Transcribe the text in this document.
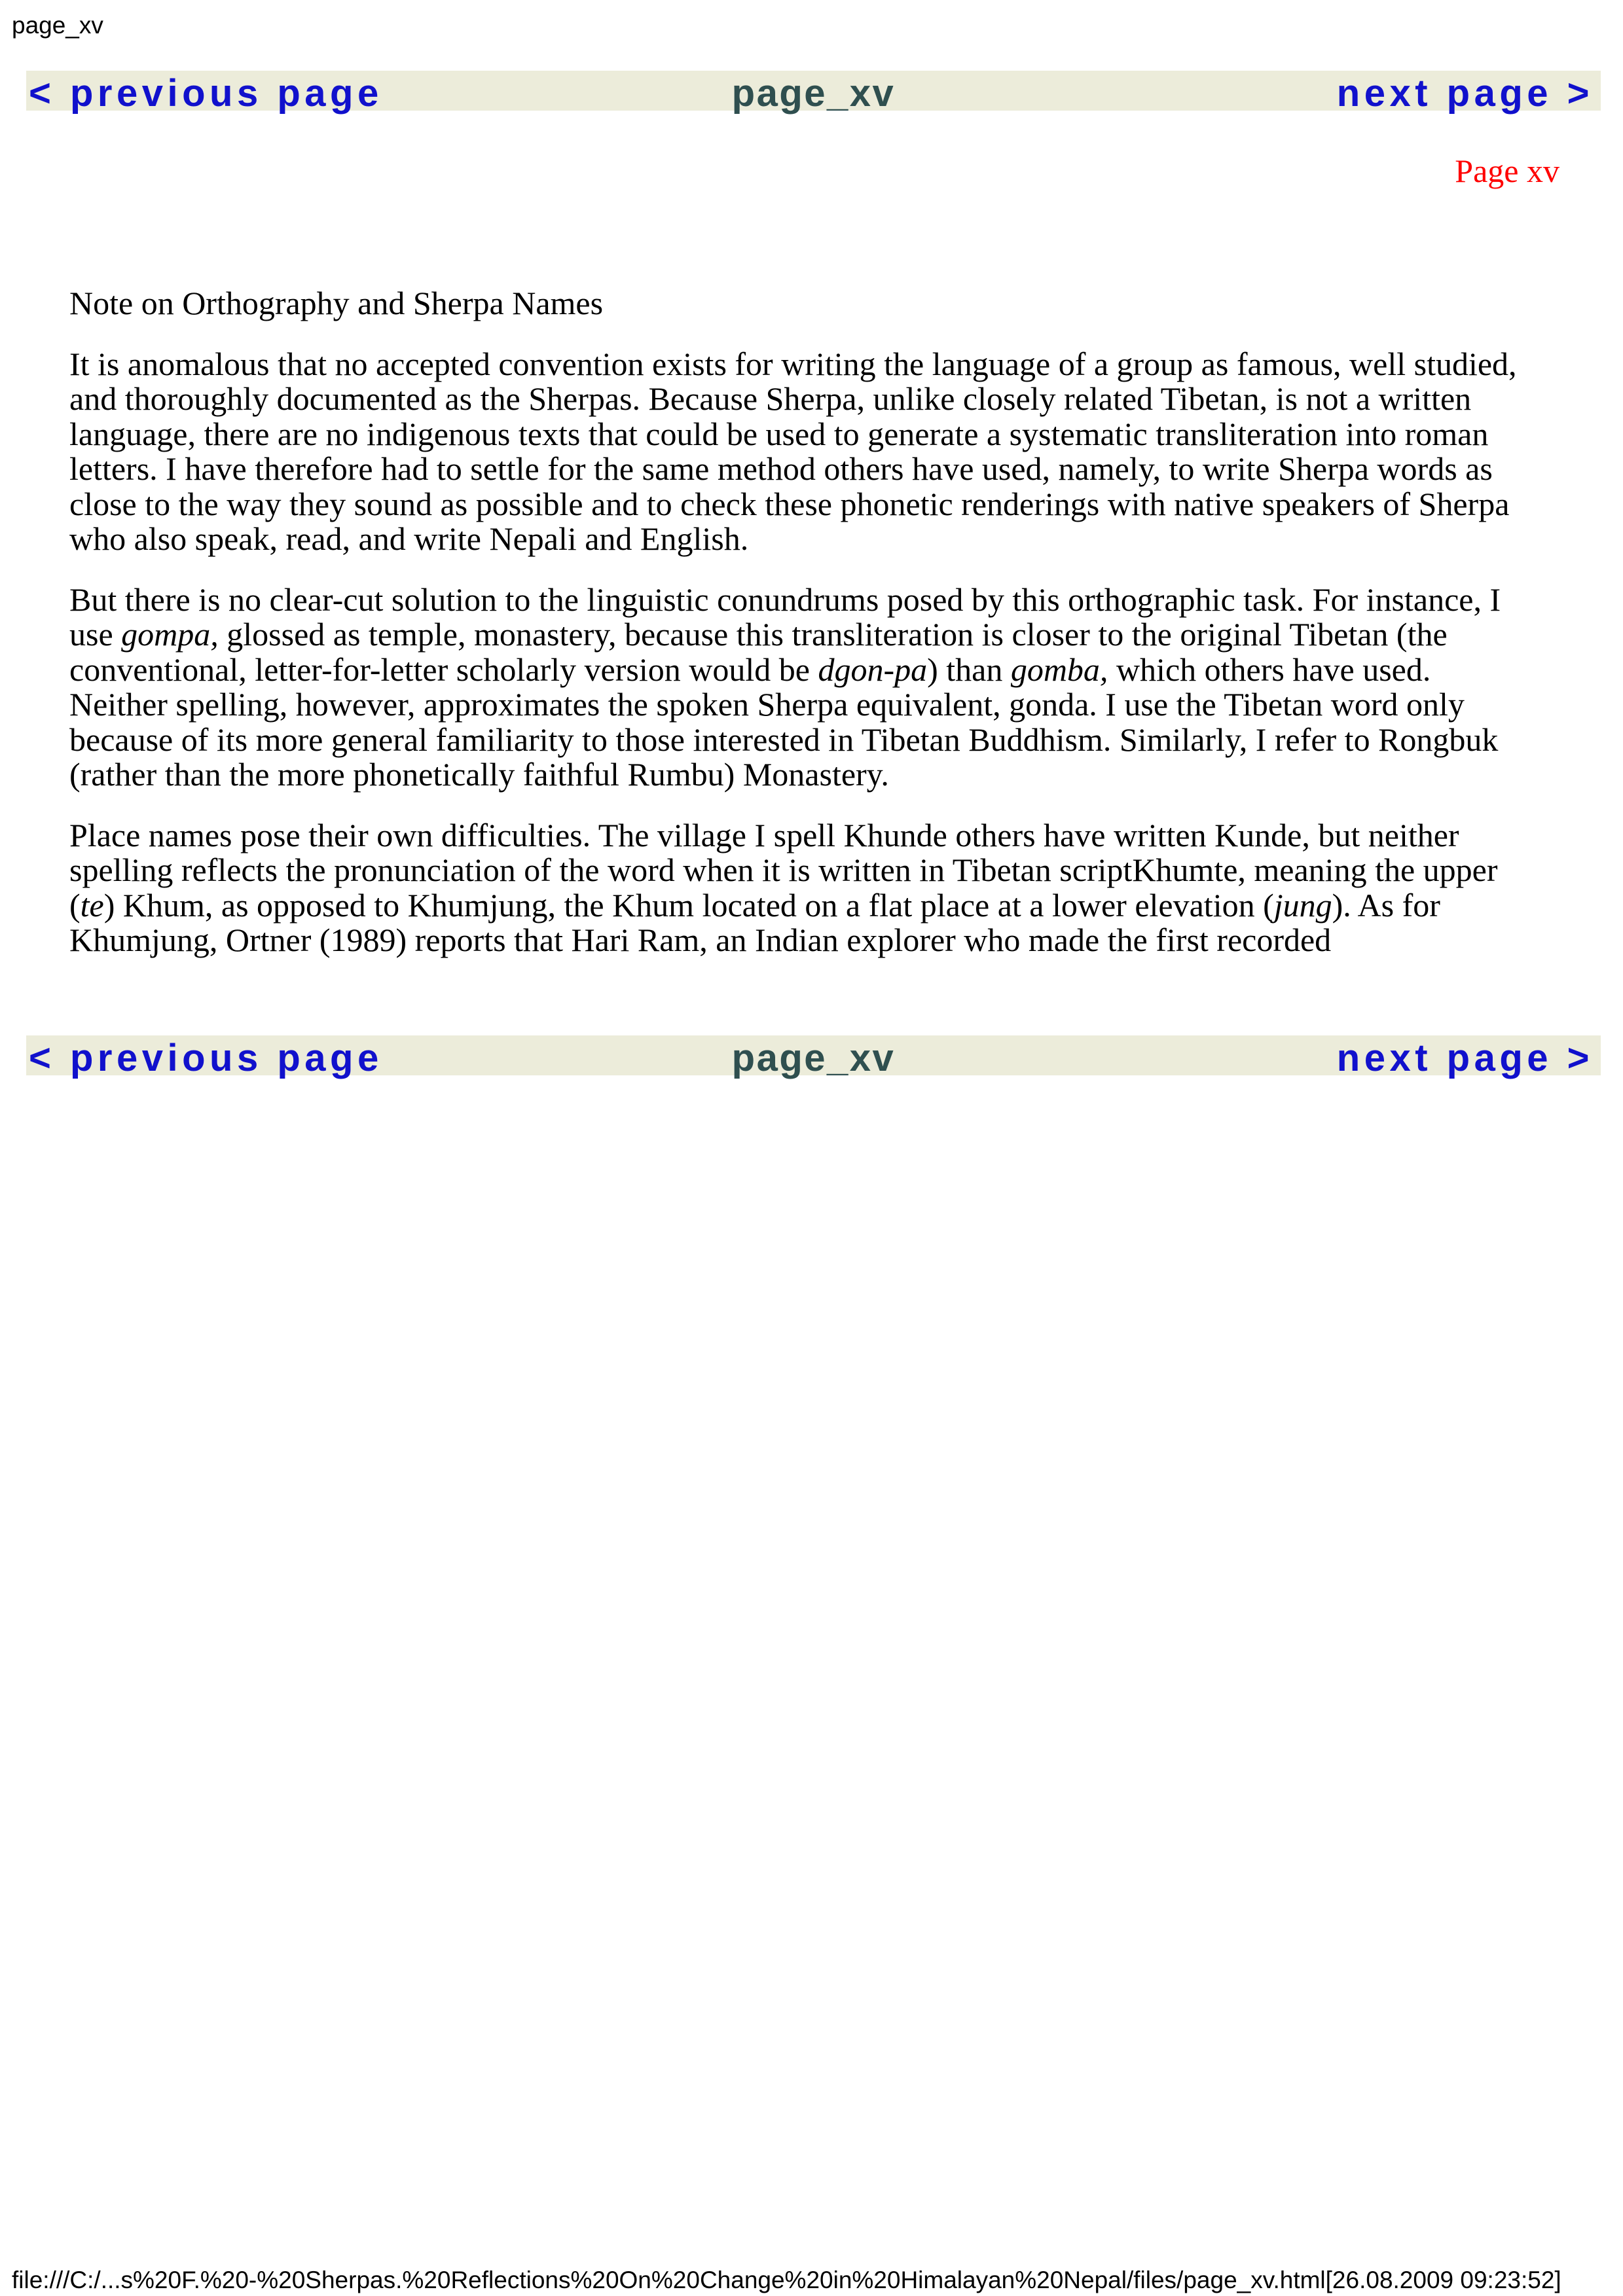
page_xv
< previous page	page_xv	next page >
Page xv
Note on Orthography and Sherpa Names
It is anomalous that no accepted convention exists for writing the language of a group as famous, well studied,
and thoroughly documented as the Sherpas. Because Sherpa, unlike closely related Tibetan, is not a written
language, there are no indigenous texts that could be used to generate a systematic transliteration into roman
letters. I have therefore had to settle for the same method others have used, namely, to write Sherpa words as
close to the way they sound as possible and to check these phonetic renderings with native speakers of Sherpa
who also speak, read, and write Nepali and English.
But there is no clear-cut solution to the linguistic conundrums posed by this orthographic task. For instance, I
use gompa, glossed as temple, monastery, because this transliteration is closer to the original Tibetan (the
conventional, letter-for-letter scholarly version would be dgon-pa) than gomba, which others have used.
Neither spelling, however, approximates the spoken Sherpa equivalent, gonda. I use the Tibetan word only
because of its more general familiarity to those interested in Tibetan Buddhism. Similarly, I refer to Rongbuk
(rather than the more phonetically faithful Rumbu) Monastery.
Place names pose their own difficulties. The village I spell Khunde others have written Kunde, but neither
spelling reflects the pronunciation of the word when it is written in Tibetan scriptKhumte, meaning the upper
(te) Khum, as opposed to Khumjung, the Khum located on a flat place at a lower elevation (jung). As for
Khumjung, Ortner (1989) reports that Hari Ram, an Indian explorer who made the first recorded
< previous page	page_xv	next page >
file:///C:/...s%20F.%20-%20Sherpas.%20Reflections%20On%20Change%20in%20Himalayan%20Nepal/files/page_xv.html[26.08.2009 09:23:52]
